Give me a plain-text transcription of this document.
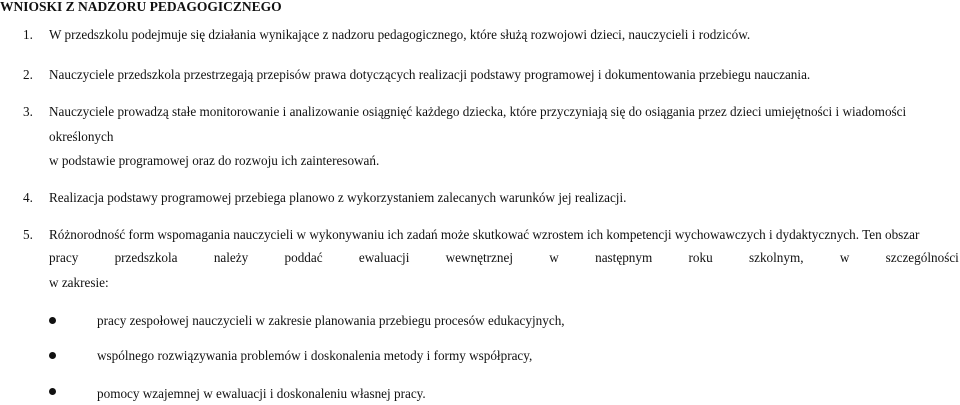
WNIOSKI Z NADZORU PEDAGOGICZNEGO
1. W przedszkolu podejmuje się działania wynikające z nadzoru pedagogicznego, które służą rozwojowi dzieci, nauczycieli i rodziców.
2. Nauczyciele przedszkola przestrzegają przepisów prawa dotyczących realizacji podstawy programowej i dokumentowania przebiegu nauczania.
3. Nauczyciele prowadzą stałe monitorowanie i analizowanie osiągnięć każdego dziecka, które przyczyniają się do osiągania przez dzieci umiejętności i wiadomości
określonych
w podstawie programowej oraz do rozwoju ich zainteresowań.
4. Realizacja podstawy programowej przebiega planowo z wykorzystaniem zalecanych warunków jej realizacji.
5. Różnorodność form wspomagania nauczycieli w wykonywaniu ich zadań może skutkować wzrostem ich kompetencji wychowawczych i dydaktycznych. Ten obszar
pracy	przedszkola	należy	poddać	ewaluacji	wewnętrznej	w	następnym	roku	szkolnym,	w	szczególności
w zakresie:
pracy zespołowej nauczycieli w zakresie planowania przebiegu procesów edukacyjnych,
wspólnego rozwiązywania problemów i doskonalenia metody i formy współpracy,
pomocy wzajemnej w ewaluacji i doskonaleniu własnej pracy.
